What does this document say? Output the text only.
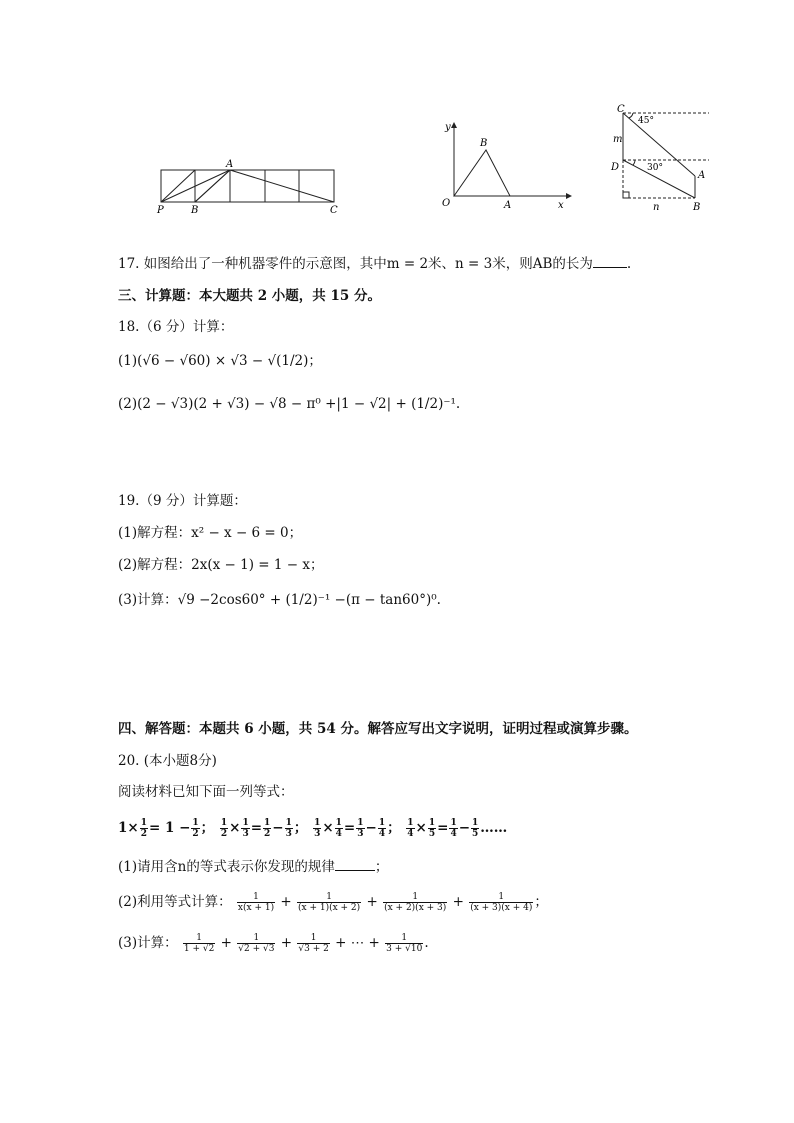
P	B
A
C
y
x
O	A
B
C
D
A
B
m
n
45°
30°
17. 如图给出了一种机器零件的示意图，其中m = 2米、n = 3米，则AB的长为	.
三、计算题：本大题共 2 小题，共 15 分。
18.（6 分）计算：
(1)(√6 − √60) × √3 − √(1/2)；
(2)(2 − √3)(2 + √3) − √8 − π⁰ +|1 − √2| + (1/2)⁻¹.
19.（9 分）计算题：
(1)解方程：x² − x − 6 = 0；
(2)解方程：2x(x − 1) = 1 − x；
(3)计算：√9 −2cos60° + (1/2)⁻¹ −(π − tan60°)⁰.
四、解答题：本题共 6 小题，共 54 分。解答应写出文字说明，证明过程或演算步骤。
20. (本小题8分)
阅读材料已知下面一列等式：
$1\times \frac{1}{2} = 1 - \frac{1}{2}$ ； $\frac{1}{2} \times \frac{1}{3} = \frac{1}{2} - \frac{1}{3}$ ； $\frac{1}{3} \times \frac{1}{4} = \frac{1}{3} - \frac{1}{4}$ ； $\frac{1}{4} \times \frac{1}{5} = \frac{1}{4} - \frac{1}{5}$ ……
(1)请用含n的等式表示你发现的规律	；
(2)利用等式计算： $\frac{1}{x(x + 1)} + \frac{1}{(x + 1)(x + 2)} + \frac{1}{(x + 2)(x + 3)} + \frac{1}{(x + 3)(x + 4)}$ ；
(3)计算： $\frac{1}{1 + √2} + \frac{1}{√2 + √3} + \frac{1}{√3 + 2}$ + ⋯ + $\frac{1}{3 + √10}$ .
